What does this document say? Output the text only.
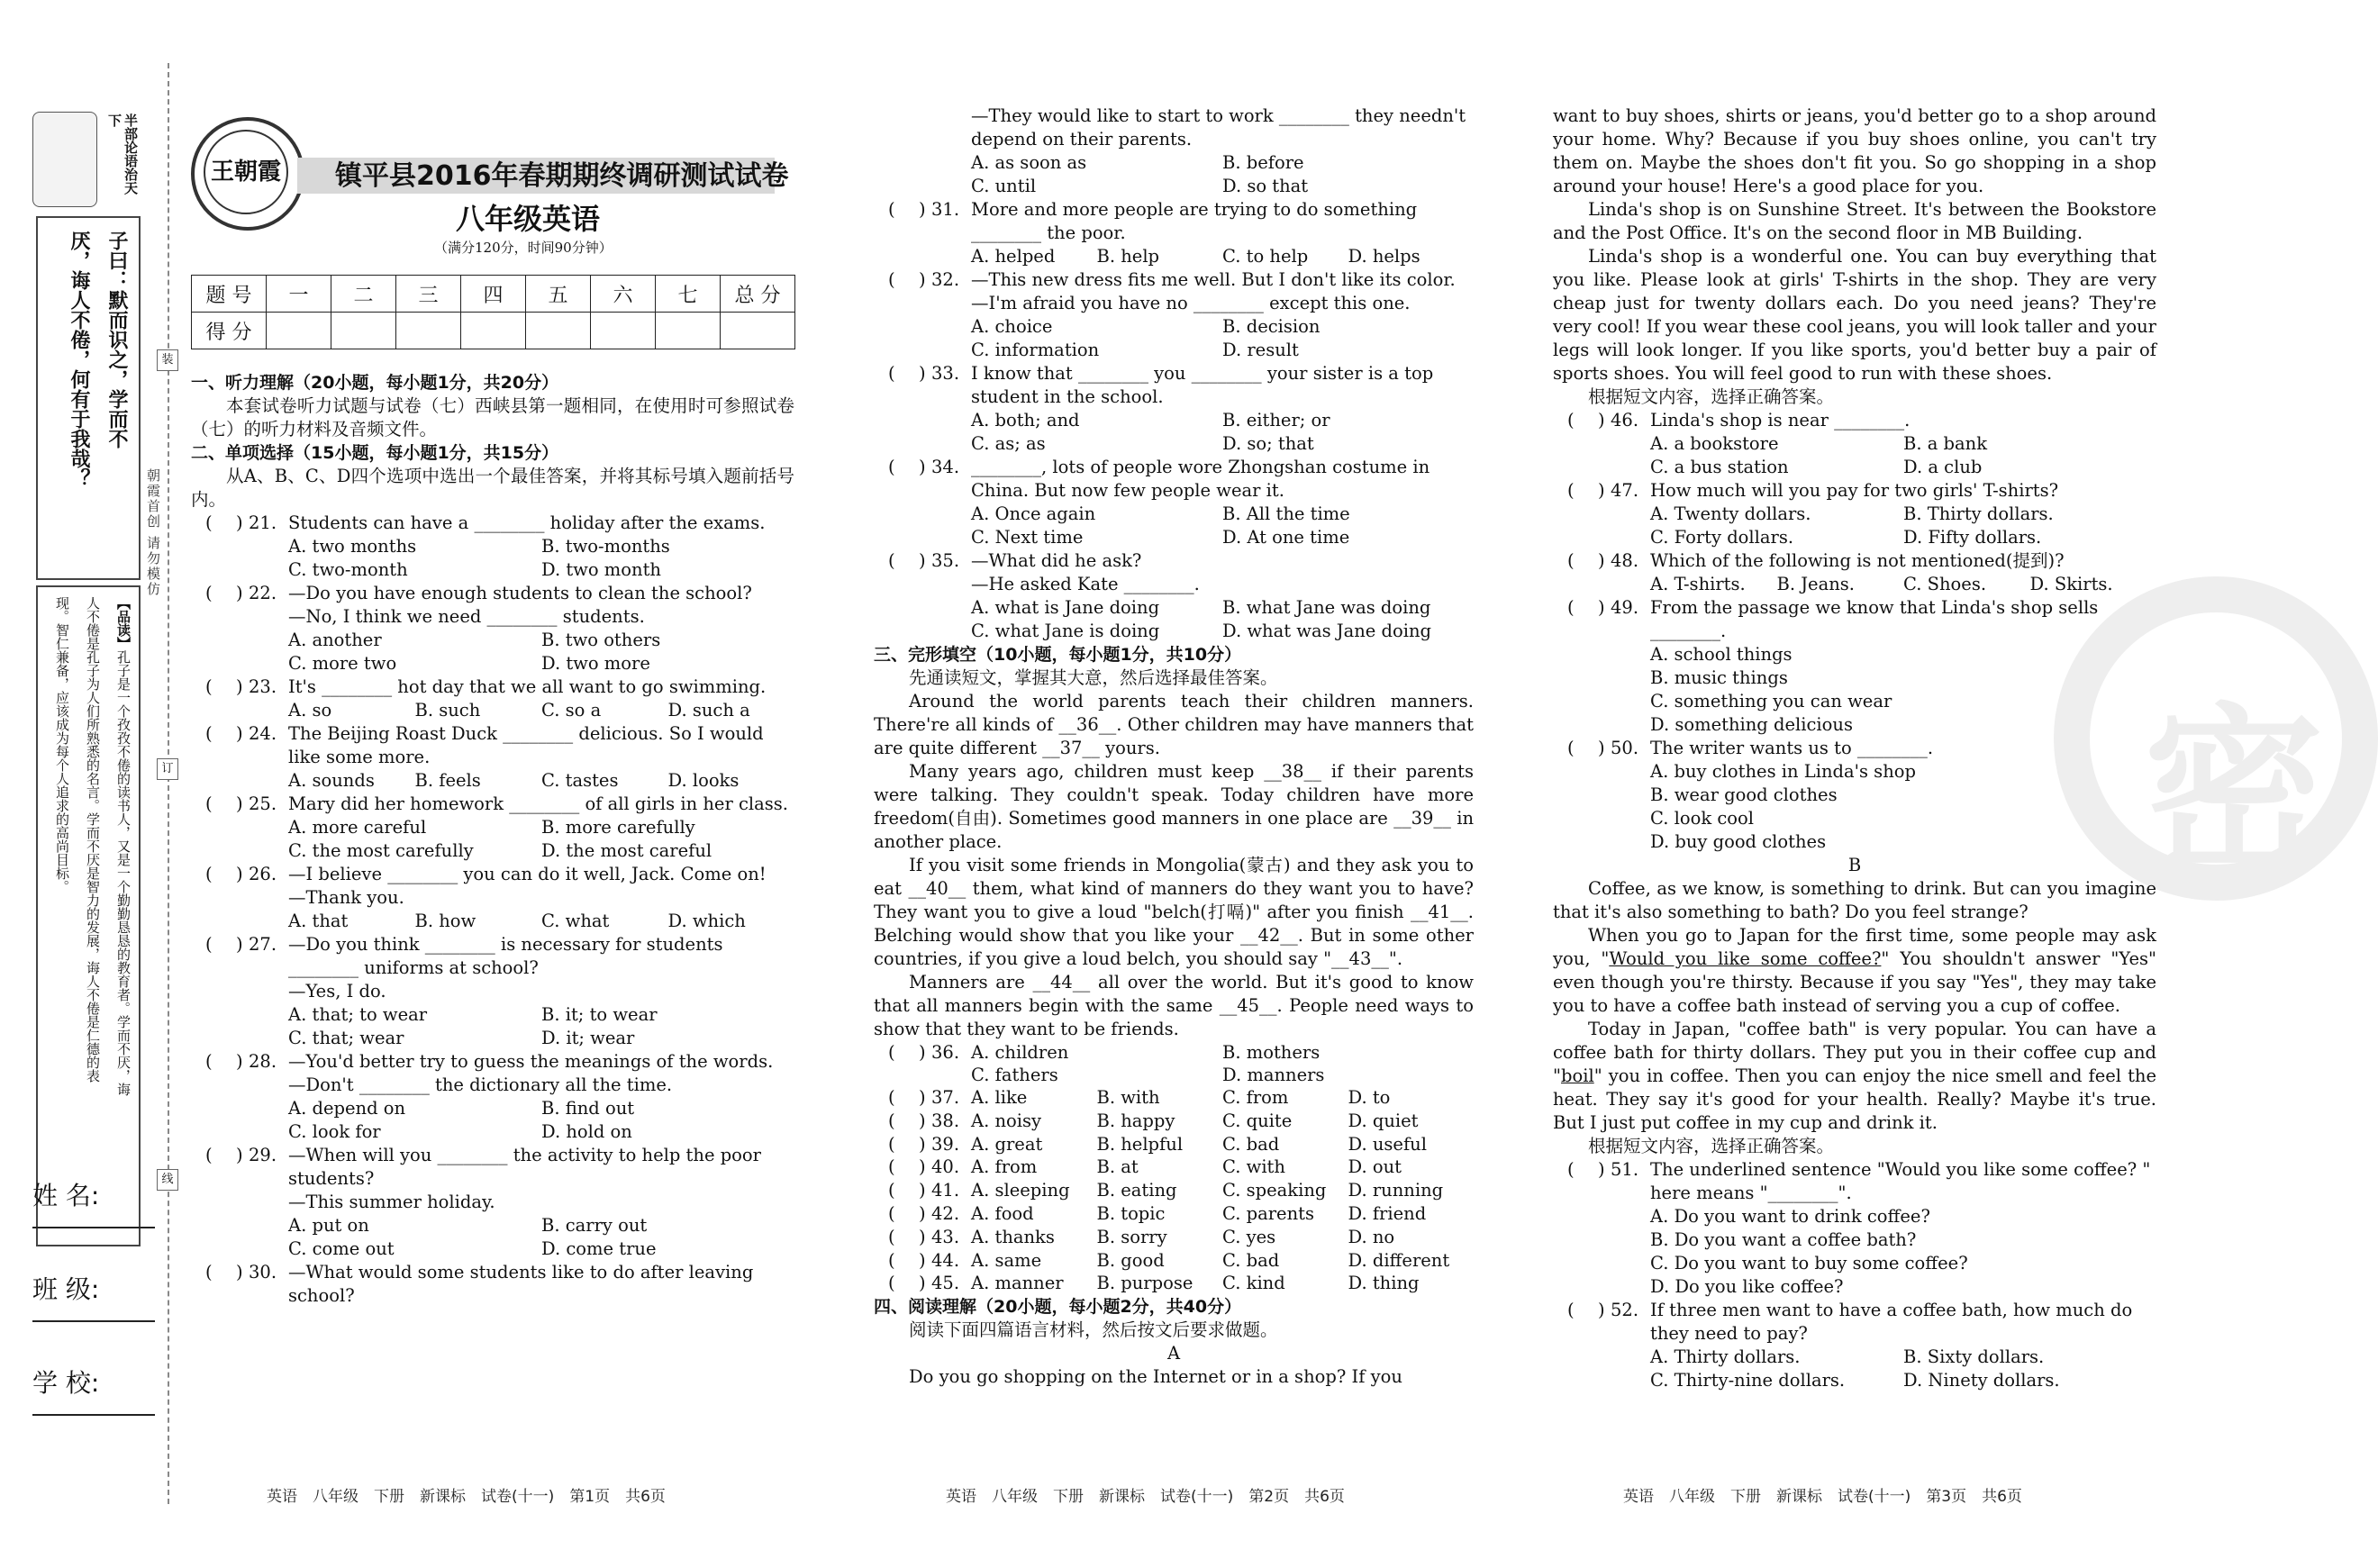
半部论语治天下
子曰：默而识之，学而不
厌，诲人不倦，何有于我哉？
【品读】
孔子是一个孜孜不倦的读书人，又是一个勤勤恳恳的教育者。学而不厌，诲
人不倦是孔子为人们所熟悉的名言。学而不厌是智力的发展，诲人不倦是仁德的表
现。智仁兼备，应该成为每个人追求的高尚目标。
姓 名:
班 级:
学 校:
装
订
线
朝霞首创 请勿模仿
王朝霞 镇平县2016年春期期终调研测试试卷
八年级英语
（满分120分，时间90分钟）
题 号	一	二	三	四	五	六	七	总 分
得 分								
密

一、听力理解（20小题，每小题1分，共20分）

本套试卷听力试题与试卷（七）西峡县第一题相同，在使用时可参照试卷（七）的听力材料及音频文件。

二、单项选择（15小题，每小题1分，共15分）

从A、B、C、D四个选项中选出一个最佳答案，并将其标号填入题前括号内。

( ) 21. Students can have a ________ holiday after the exams.

A. two months	B. two-months
C. two-month	D. two month
( ) 22. —Do you have enough students to clean the school?

—No, I think we need ________ students.

A. another	B. two others
C. more two	D. two more
( ) 23. It's ________ hot day that we all want to go swimming.

A. so	B. such	C. so a	D. such a
( ) 24. The Beijing Roast Duck ________ delicious. So I would like some more.

A. sounds	B. feels	C. tastes	D. looks
( ) 25. Mary did her homework ________ of all girls in her class.

A. more careful	B. more carefully
C. the most carefully	D. the most careful
( ) 26. —I believe ________ you can do it well, Jack. Come on!

—Thank you.

A. that	B. how	C. what	D. which
( ) 27. —Do you think ________ is necessary for students ________ uniforms at school?

—Yes, I do.

A. that; to wear	B. it; to wear
C. that; wear	D. it; wear
( ) 28. —You'd better try to guess the meanings of the words.

—Don't ________ the dictionary all the time.

A. depend on	B. find out
C. look for	D. hold on
( ) 29. —When will you ________ the activity to help the poor students?

—This summer holiday.

A. put on	B. carry out
C. come out	D. come true
( ) 30. —What would some students like to do after leaving school?

—They would like to start to work ________ they needn't depend on their parents.

A. as soon as	B. before
C. until	D. so that
( ) 31. More and more people are trying to do something ________ the poor.

A. helped	B. help	C. to help	D. helps
( ) 32. —This new dress fits me well. But I don't like its color.

—I'm afraid you have no ________ except this one.

A. choice	B. decision
C. information	D. result
( ) 33. I know that ________ you ________ your sister is a top student in the school.

A. both; and	B. either; or
C. as; as	D. so; that
( ) 34. ________, lots of people wore Zhongshan costume in China. But now few people wear it.

A. Once again	B. All the time
C. Next time	D. At one time
( ) 35. —What did he ask?

—He asked Kate ________.

A. what is Jane doing	B. what Jane was doing
C. what Jane is doing	D. what was Jane doing

三、完形填空（10小题，每小题1分，共10分）

先通读短文，掌握其大意，然后选择最佳答案。

Around the world parents teach their children manners. There're all kinds of __36__. Other children may have manners that are quite different __37__ yours.

Many years ago, children must keep __38__ if their parents were talking. They couldn't speak. Today children have more freedom(自由). Sometimes good manners in one place are __39__ in another place.

If you visit some friends in Mongolia(蒙古) and they ask you to eat __40__ them, what kind of manners do they want you to have? They want you to give a loud "belch(打嗝)" after you finish __41__. Belching would show that you like your __42__. But in some other countries, if you give a loud belch, you should say "__43__".

Manners are __44__ all over the world. But it's good to know that all manners begin with the same __45__. People need ways to show that they want to be friends.

( ) 36. A. children	B. mothers
C. fathers	D. manners
( ) 37. A. like	B. with	C. from	D. to
( ) 38. A. noisy	B. happy	C. quite	D. quiet
( ) 39. A. great	B. helpful	C. bad	D. useful
( ) 40. A. from	B. at	C. with	D. out
( ) 41. A. sleeping	B. eating	C. speaking	D. running
( ) 42. A. food	B. topic	C. parents	D. friend
( ) 43. A. thanks	B. sorry	C. yes	D. no
( ) 44. A. same	B. good	C. bad	D. different
( ) 45. A. manner	B. purpose	C. kind	D. thing

四、阅读理解（20小题，每小题2分，共40分）

阅读下面四篇语言材料，然后按文后要求做题。

A

Do you go shopping on the Internet or in a shop? If you

want to buy shoes, shirts or jeans, you'd better go to a shop around your home. Why? Because if you buy shoes online, you can't try them on. Maybe the shoes don't fit you. So go shopping in a shop around your house! Here's a good place for you.

Linda's shop is on Sunshine Street. It's between the Bookstore and the Post Office. It's on the second floor in MB Building.

Linda's shop is a wonderful one. You can buy everything that you like. Please look at girls' T-shirts in the shop. They are very cheap just for twenty dollars each. Do you need jeans? They're very cool! If you wear these cool jeans, you will look taller and your legs will look longer. If you like sports, you'd better buy a pair of sports shoes. You will feel good to run with these shoes.

根据短文内容，选择正确答案。

( ) 46. Linda's shop is near ________.

A. a bookstore	B. a bank
C. a bus station	D. a club
( ) 47. How much will you pay for two girls' T-shirts?

A. Twenty dollars.	B. Thirty dollars.
C. Forty dollars.	D. Fifty dollars.
( ) 48. Which of the following is not mentioned(提到)?

A. T-shirts.	B. Jeans.	C. Shoes.	D. Skirts.
( ) 49. From the passage we know that Linda's shop sells ________.

A. school things

B. music things

C. something you can wear

D. something delicious

( ) 50. The writer wants us to ________.

A. buy clothes in Linda's shop

B. wear good clothes

C. look cool

D. buy good clothes

B

Coffee, as we know, is something to drink. But can you imagine that it's also something to bath? Do you feel strange?

When you go to Japan for the first time, some people may ask you, "Would you like some coffee?" You shouldn't answer "Yes" even though you're thirsty. Because if you say "Yes", they may take you to have a coffee bath instead of serving you a cup of coffee.

Today in Japan, "coffee bath" is very popular. You can have a coffee bath for thirty dollars. They put you in their coffee cup and "boil" you in coffee. Then you can enjoy the nice smell and feel the heat. They say it's good for your health. Really? Maybe it's true. But I just put coffee in my cup and drink it.

根据短文内容，选择正确答案。

( ) 51. The underlined sentence "Would you like some coffee? " here means "________".

A. Do you want to drink coffee?

B. Do you want a coffee bath?

C. Do you want to buy some coffee?

D. Do you like coffee?

( ) 52. If three men want to have a coffee bath, how much do they need to pay?

A. Thirty dollars.	B. Sixty dollars.
C. Thirty-nine dollars.	D. Ninety dollars.
英语　八年级　下册　新课标　试卷(十一)　第1页　共6页	英语　八年级　下册　新课标　试卷(十一)　第2页　共6页	英语　八年级　下册　新课标　试卷(十一)　第3页　共6页
